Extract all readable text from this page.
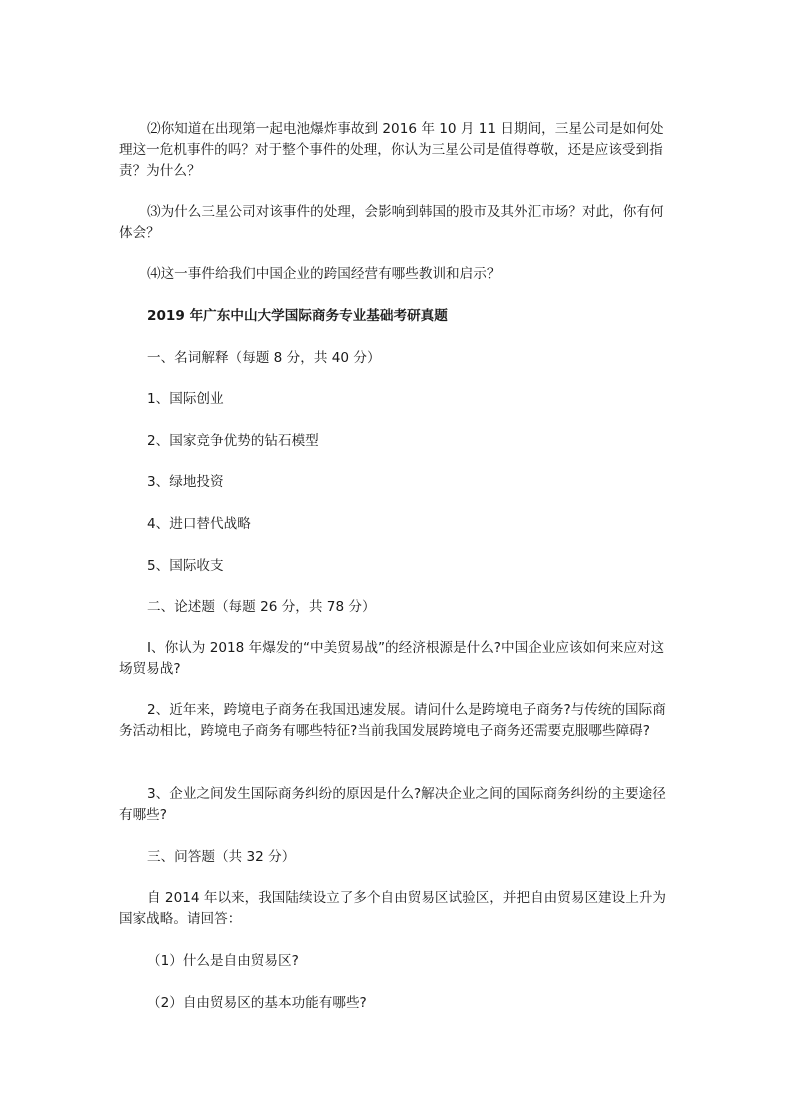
⑵你知道在出现第一起电池爆炸事故到 2016 年 10 月 11 日期间，三星公司是如何处理这一危机事件的吗？对于整个事件的处理，你认为三星公司是值得尊敬，还是应该受到指责？为什么？

⑶为什么三星公司对该事件的处理，会影响到韩国的股市及其外汇市场？对此，你有何体会？

⑷这一事件给我们中国企业的跨国经营有哪些教训和启示？

2019 年广东中山大学国际商务专业基础考研真题

一、名词解释（每题 8 分，共 40 分）

1、国际创业

2、国家竞争优势的钻石模型

3、绿地投资

4、进口替代战略

5、国际收支

二、论述题（每题 26 分，共 78 分）

I、你认为 2018 年爆发的“中美贸易战”的经济根源是什么?中国企业应该如何来应对这场贸易战?

2、近年来，跨境电子商务在我国迅速发展。请问什么是跨境电子商务?与传统的国际商务活动相比，跨境电子商务有哪些特征?当前我国发展跨境电子商务还需要克服哪些障碍?

3、企业之间发生国际商务纠纷的原因是什么?解决企业之间的国际商务纠纷的主要途径有哪些?

三、问答题（共 32 分）

自 2014 年以来，我国陆续设立了多个自由贸易区试验区，并把自由贸易区建设上升为国家战略。请回答：

（1）什么是自由贸易区?

（2）自由贸易区的基本功能有哪些?
